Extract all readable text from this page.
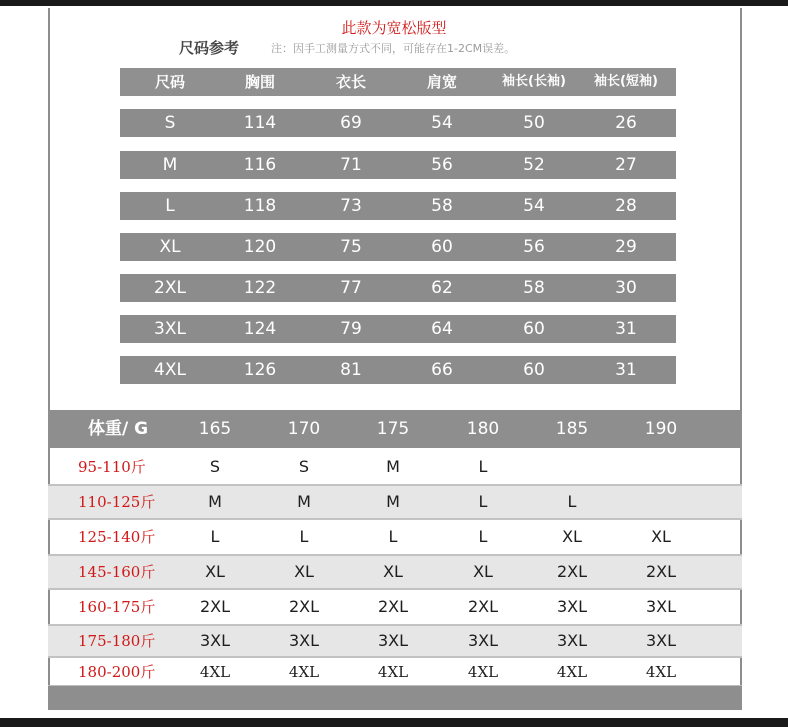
此款为宽松版型
尺码参考	注：因手工测量方式不同，可能存在1-2CM误差。
尺码	胸围	衣长	肩宽	袖长(长袖)	袖长(短袖)
S	114	69	54	50	26
M	116	71	56	52	27
L	118	73	58	54	28
XL	120	75	60	56	29
2XL	122	77	62	58	30
3XL	124	79	64	60	31
4XL	126	81	66	60	31
体重/ G	165	170	175	180	185	190
95-110斤	S	S	M	L
110-125斤	M	M	M	L	L
125-140斤	L	L	L	L	XL	XL
145-160斤	XL	XL	XL	XL	2XL	2XL
160-175斤	2XL	2XL	2XL	2XL	3XL	3XL
175-180斤	3XL	3XL	3XL	3XL	3XL	3XL
180-200斤	4XL	4XL	4XL	4XL	4XL	4XL
